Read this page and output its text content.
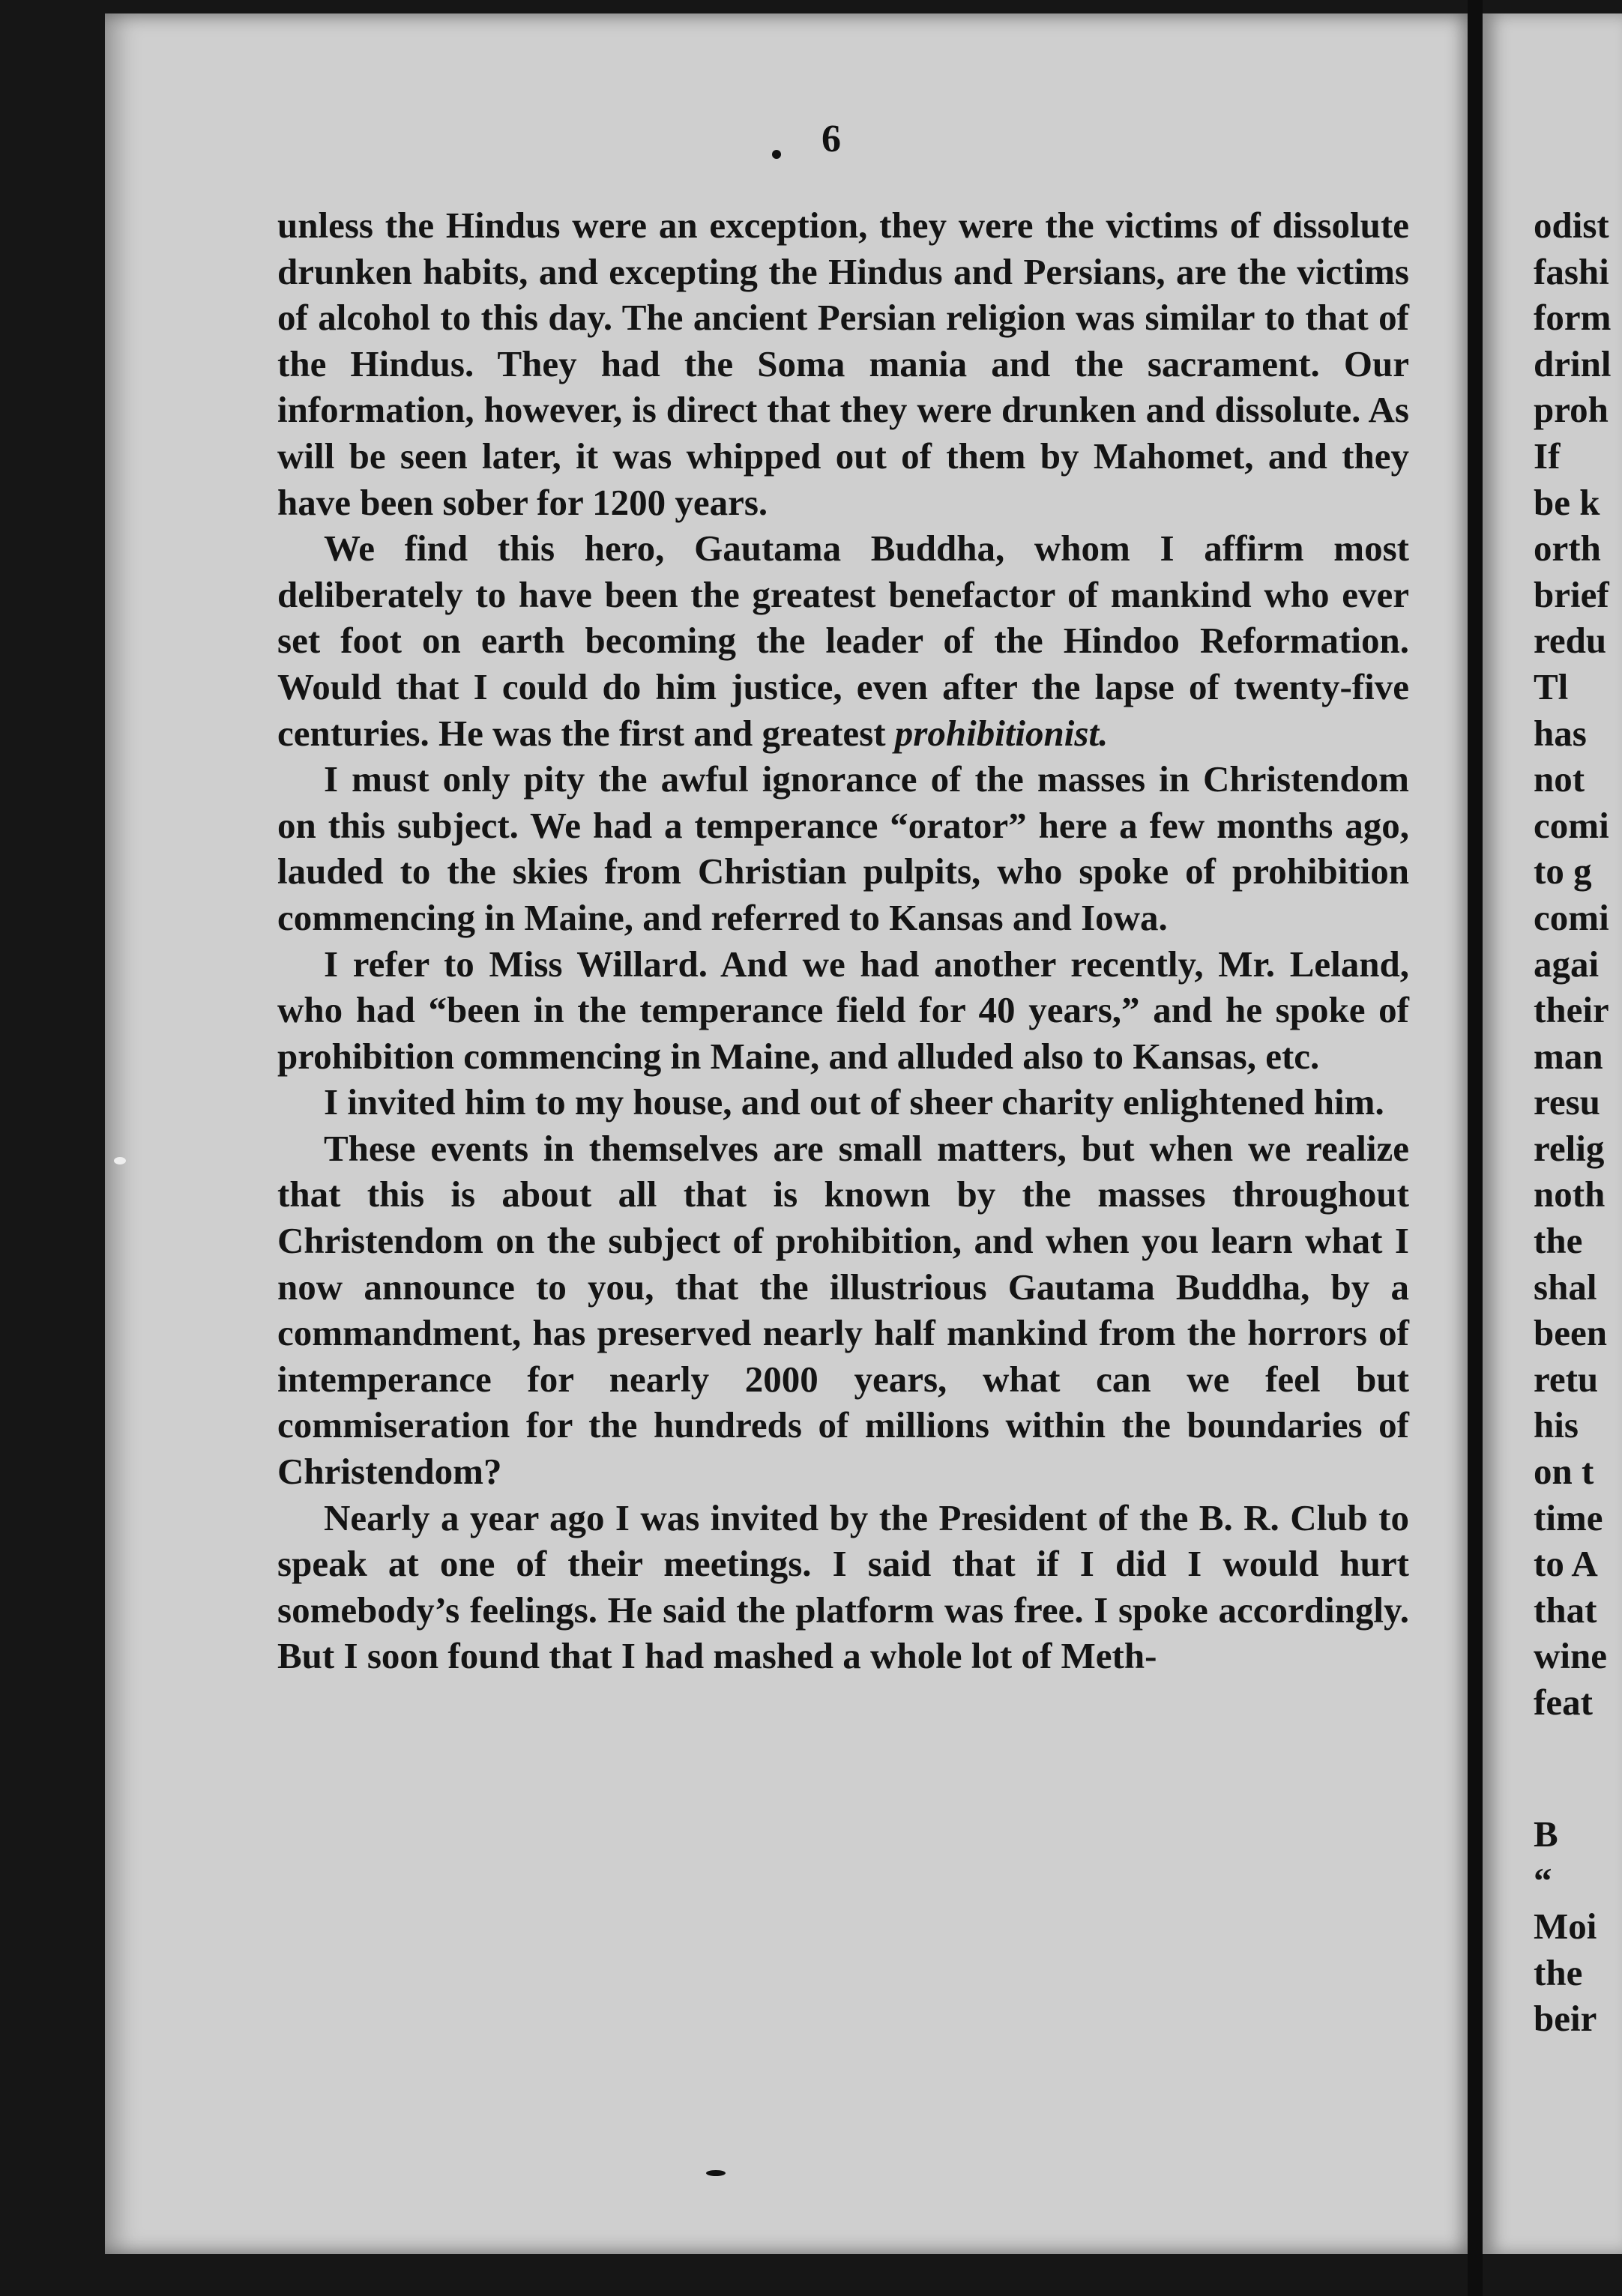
6

unless the Hindus were an exception, they were the victims of dissolute drunken habits, and excepting the Hindus and Persians, are the victims of alcohol to this day. The ancient Persian religion was similar to that of the Hindus. They had the Soma mania and the sacrament. Our information, however, is direct that they were drunken and dissolute. As will be seen later, it was whipped out of them by Mahomet, and they have been sober for 1200 years.

We find this hero, Gautama Buddha, whom I affirm most deliberately to have been the greatest benefactor of mankind who ever set foot on earth becoming the leader of the Hindoo Reformation. Would that I could do him justice, even after the lapse of twenty-five centuries. He was the first and greatest prohibitionist.

I must only pity the awful ignorance of the masses in Christendom on this subject. We had a temperance “orator” here a few months ago, lauded to the skies from Christian pulpits, who spoke of prohibition commencing in Maine, and referred to Kansas and Iowa.

I refer to Miss Willard. And we had another recently, Mr. Leland, who had “been in the temperance field for 40 years,” and he spoke of prohibition commencing in Maine, and alluded also to Kansas, etc.

I invited him to my house, and out of sheer charity enlightened him.

These events in themselves are small matters, but when we realize that this is about all that is known by the masses throughout Christendom on the subject of prohibition, and when you learn what I now announce to you, that the illustrious Gautama Buddha, by a commandment, has preserved nearly half mankind from the horrors of intemperance for nearly 2000 years, what can we feel but commiseration for the hundreds of millions within the boundaries of Christendom?

Nearly a year ago I was invited by the President of the B. R. Club to speak at one of their meetings. I said that if I did I would hurt somebody’s feelings. He said the platform was free. I spoke accordingly. But I soon found that I had mashed a whole lot of Meth-

odist
fashi
form
drinl
proh
If
be k
orth
brief
redu
Tl
has
not
comi
to g
comi
agai
their
man
resu
relig
noth
the
shal
been
retu
his
on t
time
to A
that
wine
feat
B
“
Moi
the
beir
